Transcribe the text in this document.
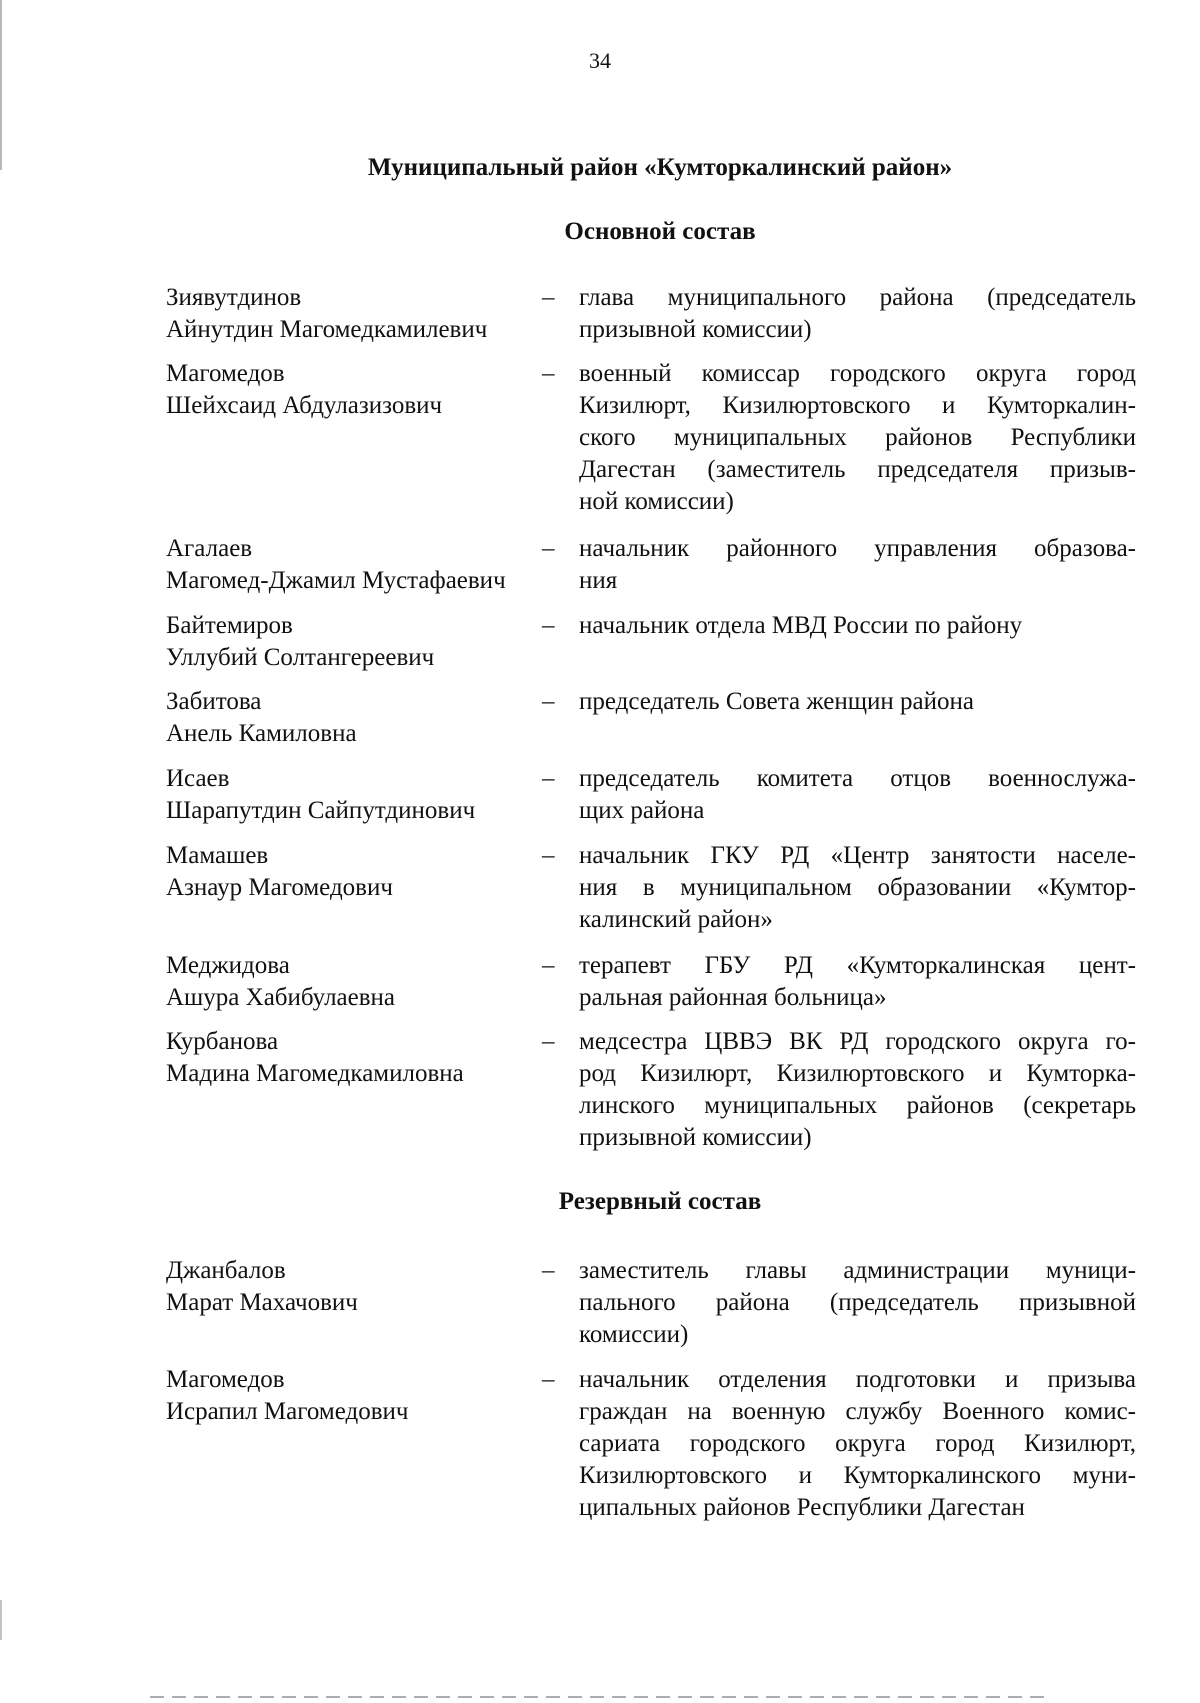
34
Муниципальный район «Кумторкалинский район»
Основной состав
Зиявутдинов
Айнутдин Магомедкамилевич
– глава муниципального района (председатель
призывной комиссии)
Магомедов
Шейхсаид Абдулазизович
– военный комиссар городского округа город
Кизилюрт, Кизилюртовского и Кумторкалин-
ского муниципальных районов Республики
Дагестан (заместитель председателя призыв-
ной комиссии)
Агалаев
Магомед-Джамил Мустафаевич
– начальник районного управления образова-
ния
Байтемиров
Уллубий Солтангереевич
– начальник отдела МВД России по району
Забитова
Анель Камиловна
– председатель Совета женщин района
Исаев
Шарапутдин Сайпутдинович
– председатель комитета отцов военнослужа-
щих района
Мамашев
Азнаур Магомедович
– начальник ГКУ РД «Центр занятости населе-
ния в муниципальном образовании «Кумтор-
калинский район»
Меджидова
Ашура Хабибулаевна
– терапевт ГБУ РД «Кумторкалинская цент-
ральная районная больница»
Курбанова
Мадина Магомедкамиловна
– медсестра ЦВВЭ ВК РД городского округа го-
род Кизилюрт, Кизилюртовского и Кумторка-
линского муниципальных районов (секретарь
призывной комиссии)
Резервный состав
Джанбалов
Марат Махачович
– заместитель главы администрации муници-
пального района (председатель призывной
комиссии)
Магомедов
Исрапил Магомедович
– начальник отделения подготовки и призыва
граждан на военную службу Военного комис-
сариата городского округа город Кизилюрт,
Кизилюртовского и Кумторкалинского муни-
ципальных районов Республики Дагестан
